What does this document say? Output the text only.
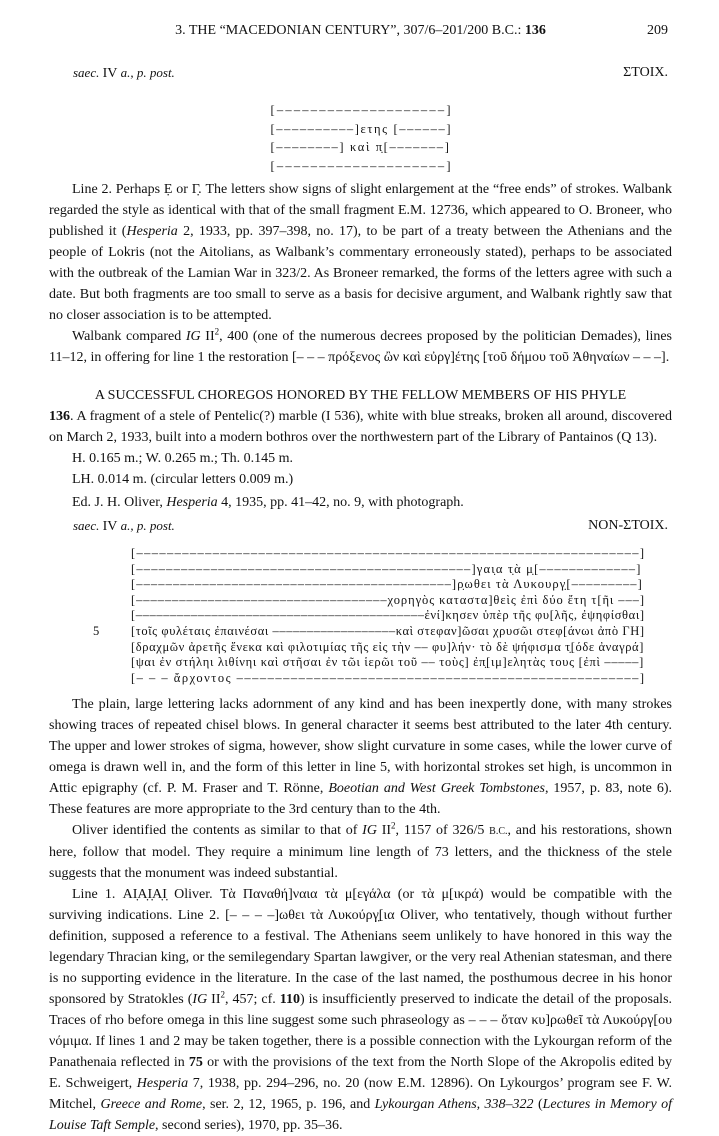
3. THE “MACEDONIAN CENTURY”, 307/6–201/200 B.C.: 136	209
saec. IV a., p. post.	ΣΤΟΙΧ.
[––––––––––––––––––––]
[––––––––––]ετης [––––––]
[––––––––] καὶ π̣[–––––––]
[––––––––––––––––––––]

Line 2. Perhaps Ẹ or Γ̣. The letters show signs of slight enlargement at the “free ends” of strokes. Walbank regarded the style as identical with that of the small fragment E.M. 12736, which appeared to O. Broneer, who published it (Hesperia 2, 1933, pp. 397–398, no. 17), to be part of a treaty between the Athenians and the people of Lokris (not the Aitolians, as Walbank’s commentary erroneously stated), perhaps to be associated with the outbreak of the Lamian War in 323/2. As Broneer remarked, the forms of the letters agree with such a date. But both fragments are too small to serve as a basis for decisive argument, and Walbank rightly saw that no closer association is to be attempted.

Walbank compared IG $II^2$, 400 (one of the numerous decrees proposed by the politician Demades), lines 11–12, in offering for line 1 the restoration [– – – πρόξενος ὢν καὶ εὐργ]έτης [τοῦ δήμου τοῦ Ἀθηναίων – – –].

A SUCCESSFUL CHOREGOS HONORED BY THE FELLOW MEMBERS OF HIS PHYLE

136. A fragment of a stele of Pentelic(?) marble (I 536), white with blue streaks, broken all around, discovered on March 2, 1933, built into a modern bothros over the northwestern part of the Library of Pantainos (Q 13).

H. 0.165 m.; W. 0.265 m.; Th. 0.145 m.

LH. 0.014 m. (circular letters 0.009 m.)

Ed. J. H. Oliver, Hesperia 4, 1935, pp. 41–42, no. 9, with photograph.

saec. IV a., p. post.	NON-ΣΤΟΙΧ.
[––––––––––––––––––––––––––––––––––––––––––––––––––––––––––––––––––]
[–––––––––––––––––––––––––––––––––––––––––––––]γαι̣α τ̣ὰ μ̣[–––––––––––––]
[–––––––––––––––––––––––––––––––––––––––––––]ρ̣ωθει τὰ Λυκουργ̣[–––––––––]
[–––––––––––––––––––––––––––––––––––χορηγὸς καταστα]θεὶς ἐπὶ δύο ἔτη τ[ῆι –––]
[––––––––––––––––––––––––––––––––––––––––––ἐνί]κησεν ὑπὲρ τῆς φυ[λῆς, ἐψηφίσθαι]
5	[τοῖς φυλέταις ἐπαινέσαι ––––––––––––––––––καὶ στεφαν]ῶσαι χρυσῶι στεφ[άνωι ἀπὸ ΓΗ]
[δραχμῶν ἀρετῆς ἕνεκα καὶ φιλοτιμίας τῆς εἰς τὴν –– φυ]λήν· τὸ δὲ ψήφισμα τ̣[όδε ἀναγρά]
[ψαι ἐν στήληι λιθίνηι καὶ στῆσαι ἐν τῶι ἱερῶι τοῦ –– τοὺς] ἐπ̣[ιμ]ελητὰς τους [ἐπὶ –––––]
[– – – ἄρχοντος ––––––––––––––––––––––––––––––––––––––––––––––––––––]

The plain, large lettering lacks adornment of any kind and has been inexpertly done, with many strokes showing traces of repeated chisel blows. In general character it seems best attributed to the later 4th century. The upper and lower strokes of sigma, however, show slight curvature in some cases, while the lower curve of omega is drawn well in, and the form of this letter in line 5, with horizontal strokes set high, is uncommon in Attic epigraphy (cf. P. M. Fraser and T. Rönne, Boeotian and West Greek Tombstones, 1957, p. 83, note 6). These features are more appropriate to the 3rd century than to the 4th.

Oliver identified the contents as similar to that of IG $II^2$, 1157 of 326/5 B.C., and his restorations, shown here, follow that model. They require a minimum line length of 73 letters, and the thickness of the stele suggests that the monument was indeed substantial.

Line 1. ΑΙ̣Α̣Ι̣Α̣Ι̣ Oliver. Τὰ Παναθή]ναια τὰ μ[εγάλα (or τὰ μ[ικρά) would be compatible with the surviving indications. Line 2. [– – – –]ωθει τὰ Λυκούργ̣[ια Oliver, who tentatively, though without further definition, supposed a reference to a festival. The Athenians seem unlikely to have honored in this way the legendary Thracian king, or the semilegendary Spartan lawgiver, or the very real Athenian statesman, and there is no supporting evidence in the literature. In the case of the last named, the posthumous decree in his honor sponsored by Stratokles (IG $II^2$, 457; cf. 110) is insufficiently preserved to indicate the detail of the proposals. Traces of rho before omega in this line suggest some such phraseology as – – – ὅταν κυ]ρωθεῖ τὰ Λυκούργ[ου νόμιμα. If lines 1 and 2 may be taken together, there is a possible connection with the Lykourgan reform of the Panathenaia reflected in 75 or with the provisions of the text from the North Slope of the Akropolis edited by E. Schweigert, Hesperia 7, 1938, pp. 294–296, no. 20 (now E.M. 12896). On Lykourgos’ program see F. W. Mitchel, Greece and Rome, ser. 2, 12, 1965, p. 196, and Lykourgan Athens, 338–322 (Lectures in Memory of Louise Taft Semple, second series), 1970, pp. 35–36.
